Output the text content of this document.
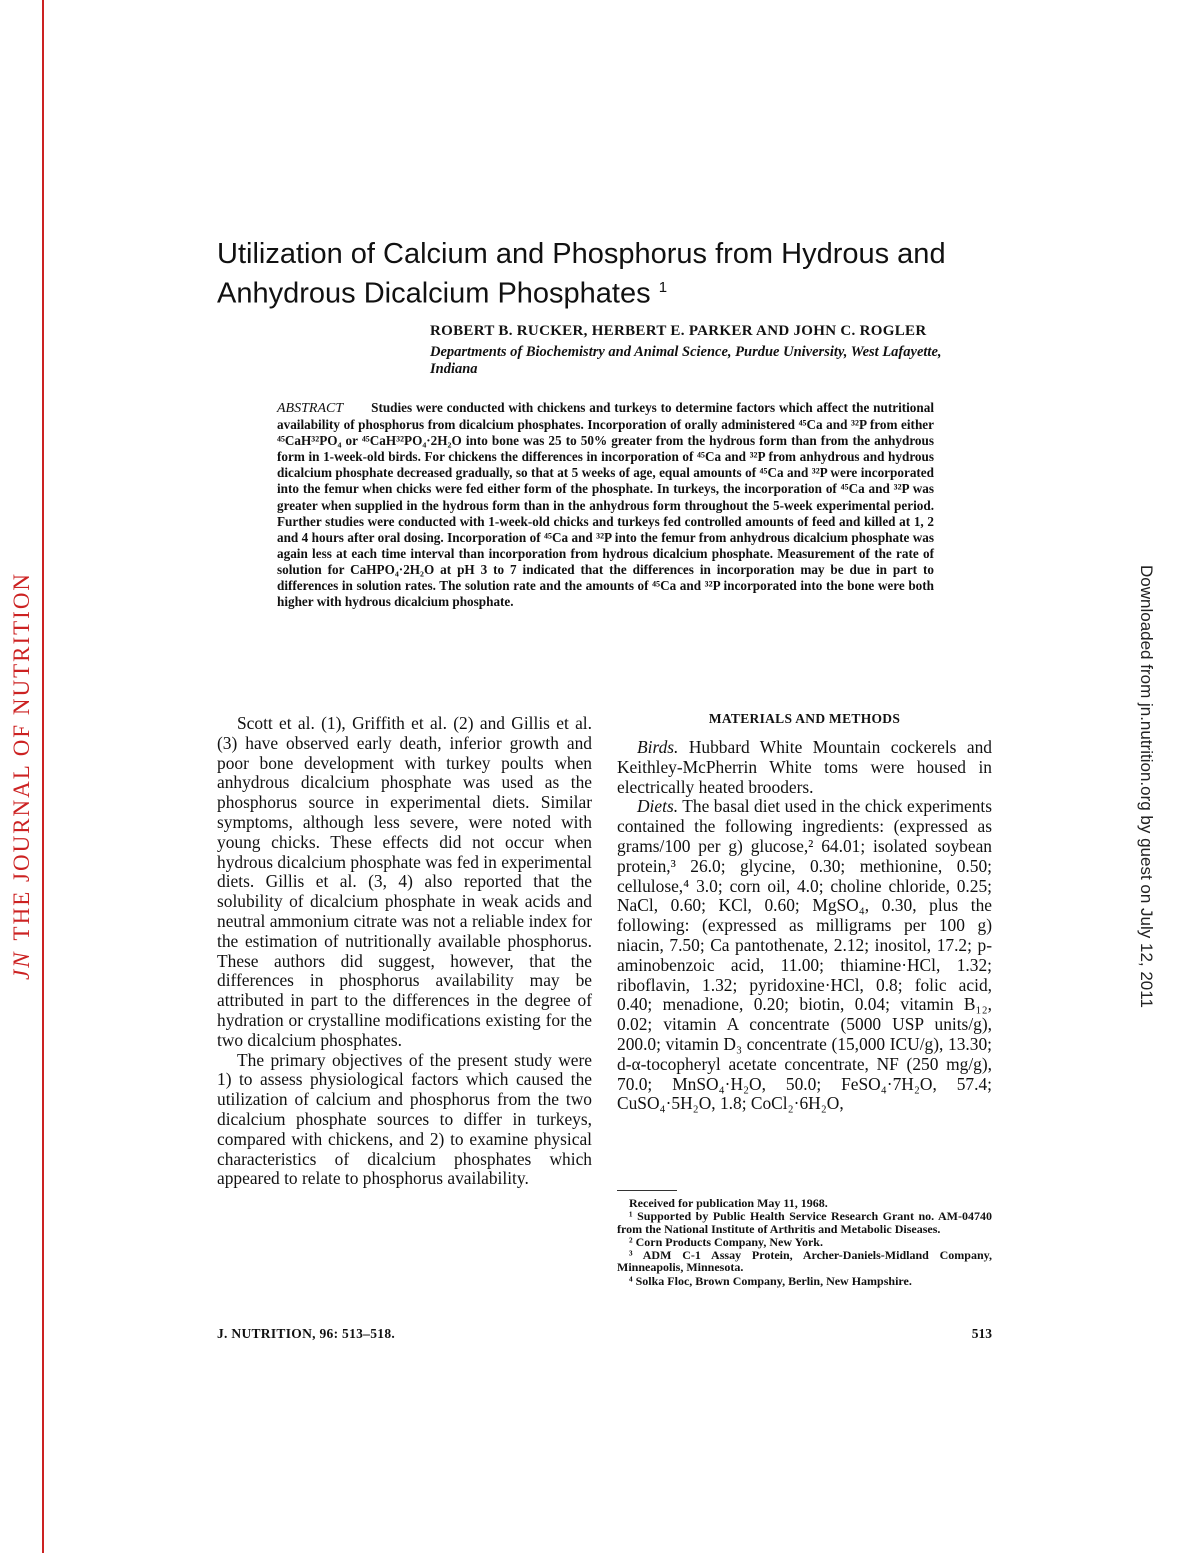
JNTHE JOURNAL OF NUTRITION	Downloaded from jn.nutrition.org by guest on July 12, 2011
Utilization of Calcium and Phosphorus from Hydrous and Anhydrous Dicalcium Phosphates $^1$
ROBERT B. RUCKER, HERBERT E. PARKER AND JOHN C. ROGLER
Departments of Biochemistry and Animal Science, Purdue University, West Lafayette, Indiana
ABSTRACT Studies were conducted with chickens and turkeys to determine factors which affect the nutritional availability of phosphorus from dicalcium phosphates. Incorporation of orally administered ⁴⁵Ca and ³²P from either ⁴⁵CaH³²PO₄ or ⁴⁵CaH³²PO₄·2H₂O into bone was 25 to 50% greater from the hydrous form than from the anhydrous form in 1-week-old birds. For chickens the differences in incorporation of ⁴⁵Ca and ³²P from anhydrous and hydrous dicalcium phosphate decreased gradually, so that at 5 weeks of age, equal amounts of ⁴⁵Ca and ³²P were incorporated into the femur when chicks were fed either form of the phosphate. In turkeys, the incorporation of ⁴⁵Ca and ³²P was greater when supplied in the hydrous form than in the anhydrous form throughout the 5-week experimental period. Further studies were conducted with 1-week-old chicks and turkeys fed controlled amounts of feed and killed at 1, 2 and 4 hours after oral dosing. Incorporation of ⁴⁵Ca and ³²P into the femur from anhydrous dicalcium phosphate was again less at each time interval than incorporation from hydrous dicalcium phosphate. Measurement of the rate of solution for CaHPO₄·2H₂O at pH 3 to 7 indicated that the differences in incorporation may be due in part to differences in solution rates. The solution rate and the amounts of ⁴⁵Ca and ³²P incorporated into the bone were both higher with hydrous dicalcium phosphate.

Scott et al. (1), Griffith et al. (2) and Gillis et al. (3) have observed early death, inferior growth and poor bone development with turkey poults when anhydrous dicalcium phosphate was used as the phosphorus source in experimental diets. Similar symptoms, although less severe, were noted with young chicks. These effects did not occur when hydrous dicalcium phosphate was fed in experimental diets. Gillis et al. (3, 4) also reported that the solubility of dicalcium phosphate in weak acids and neutral ammonium citrate was not a reliable index for the estimation of nutritionally available phosphorus. These authors did suggest, however, that the differences in phosphorus availability may be attributed in part to the differences in the degree of hydration or crystalline modifications existing for the two dicalcium phosphates.

The primary objectives of the present study were 1) to assess physiological factors which caused the utilization of calcium and phosphorus from the two dicalcium phosphate sources to differ in turkeys, compared with chickens, and 2) to examine physical characteristics of dicalcium phosphates which appeared to relate to phosphorus availability.

MATERIALS AND METHODS

Birds. Hubbard White Mountain cockerels and Keithley-McPherrin White toms were housed in electrically heated brooders.

Diets. The basal diet used in the chick experiments contained the following ingredients: (expressed as grams/100 per g) glucose,² 64.01; isolated soybean protein,³ 26.0; glycine, 0.30; methionine, 0.50; cellulose,⁴ 3.0; corn oil, 4.0; choline chloride, 0.25; NaCl, 0.60; KCl, 0.60; MgSO₄, 0.30, plus the following: (expressed as milligrams per 100 g) niacin, 7.50; Ca pantothenate, 2.12; inositol, 17.2; p-aminobenzoic acid, 11.00; thiamine·HCl, 1.32; riboflavin, 1.32; pyridoxine·HCl, 0.8; folic acid, 0.40; menadione, 0.20; biotin, 0.04; vitamin B₁₂, 0.02; vitamin A concentrate (5000 USP units/g), 200.0; vitamin D₃ concentrate (15,000 ICU/g), 13.30; d-α-tocopheryl acetate concentrate, NF (250 mg/g), 70.0; MnSO₄·H₂O, 50.0; FeSO₄·7H₂O, 57.4; CuSO₄·5H₂O, 1.8; CoCl₂·6H₂O,

Received for publication May 11, 1968.

¹ Supported by Public Health Service Research Grant no. AM-04740 from the National Institute of Arthritis and Metabolic Diseases.

² Corn Products Company, New York.

³ ADM C-1 Assay Protein, Archer-Daniels-Midland Company, Minneapolis, Minnesota.

⁴ Solka Floc, Brown Company, Berlin, New Hampshire.

J. NUTRITION, 96: 513–518.	513
